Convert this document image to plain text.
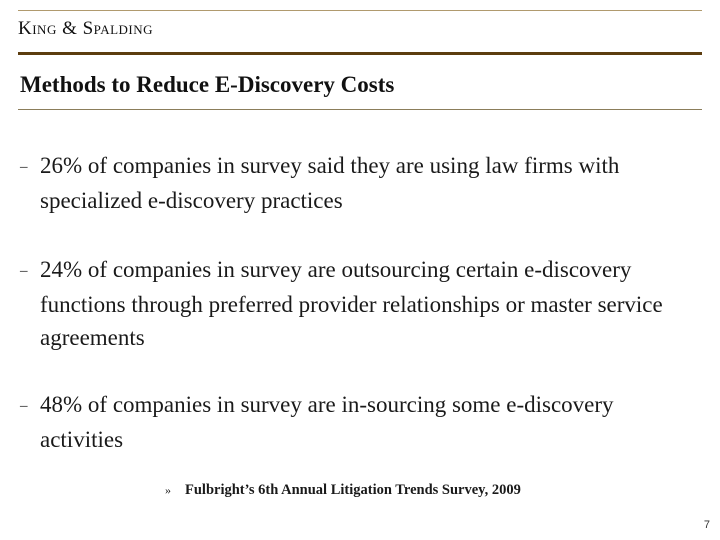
King & Spalding
Methods to Reduce E-Discovery Costs
– 26% of companies in survey said they are using law firms with specialized e-discovery practices
– 24% of companies in survey are outsourcing certain e-discovery functions through preferred provider relationships or master service agreements
– 48% of companies in survey are in-sourcing some e-discovery activities
» Fulbright’s 6th Annual Litigation Trends Survey, 2009
7
